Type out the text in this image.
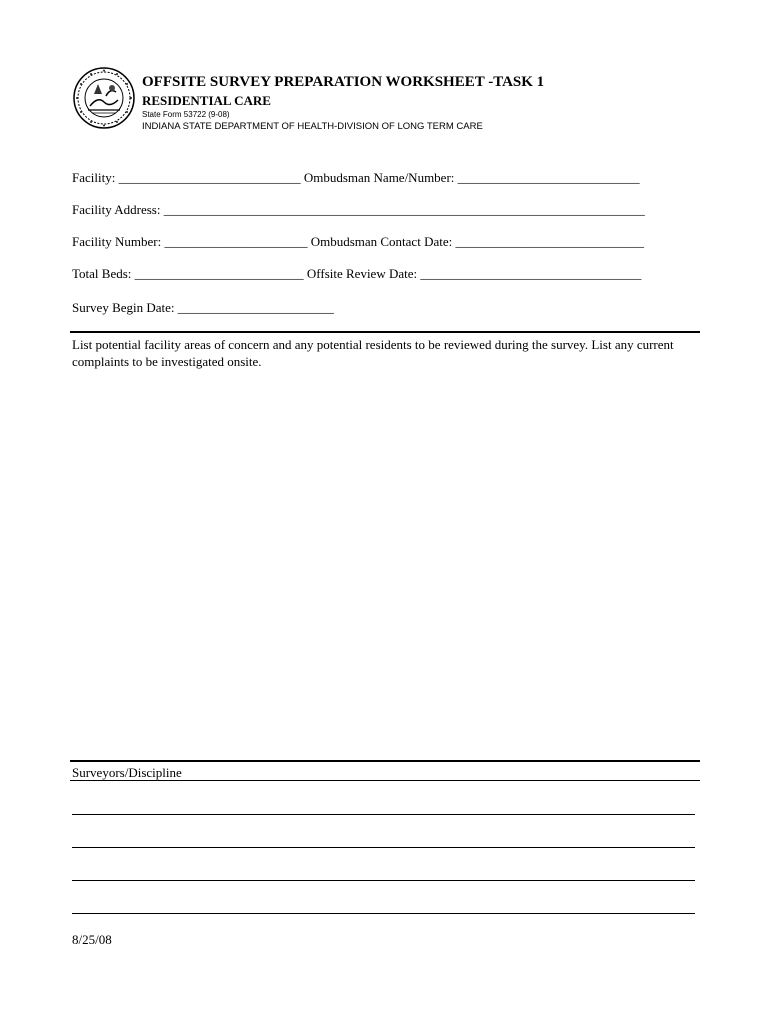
OFFSITE SURVEY PREPARATION WORKSHEET -TASK 1
RESIDENTIAL CARE
State Form 53722 (9-08)
INDIANA STATE DEPARTMENT OF HEALTH-DIVISION OF LONG TERM CARE
Facility: ____________________________ Ombudsman Name/Number: ____________________________
Facility Address: __________________________________________________________________________
Facility Number: ______________________ Ombudsman Contact Date: _____________________________
Total Beds: __________________________ Offsite Review Date: __________________________________
Survey Begin Date: ________________________
List potential facility areas of concern and any potential residents to be reviewed during the survey. List any current complaints to be investigated onsite.
Surveyors/Discipline
8/25/08
